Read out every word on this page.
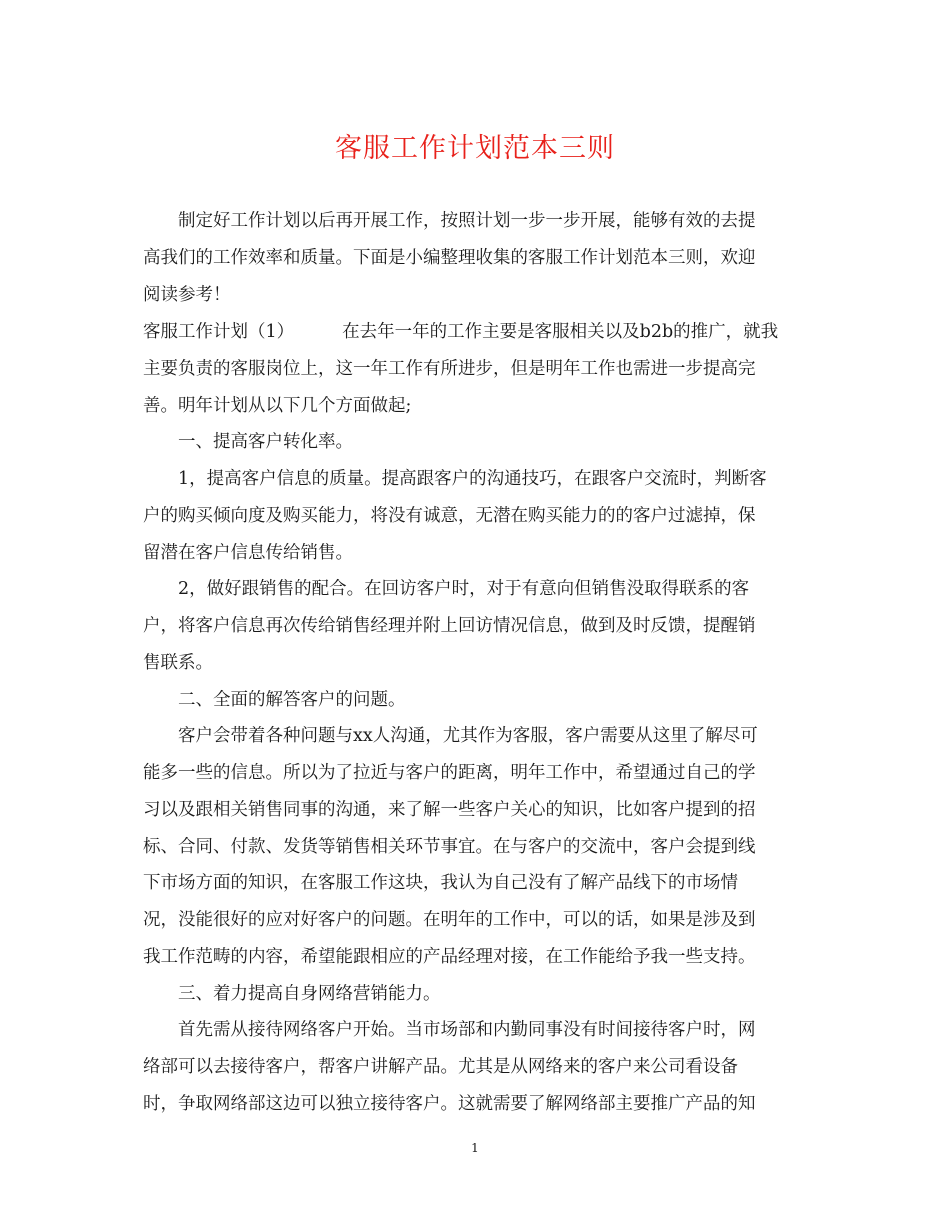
客服工作计划范本三则
制定好工作计划以后再开展工作，按照计划一步一步开展，能够有效的去提
高我们的工作效率和质量。下面是小编整理收集的客服工作计划范本三则，欢迎
阅读参考！
客服工作计划（1）	在去年一年的工作主要是客服相关以及b2b的推广，就我
主要负责的客服岗位上，这一年工作有所进步，但是明年工作也需进一步提高完
善。明年计划从以下几个方面做起;
一、提高客户转化率。
1，提高客户信息的质量。提高跟客户的沟通技巧，在跟客户交流时，判断客
户的购买倾向度及购买能力，将没有诚意，无潜在购买能力的的客户过滤掉，保
留潜在客户信息传给销售。
2，做好跟销售的配合。在回访客户时，对于有意向但销售没取得联系的客
户，将客户信息再次传给销售经理并附上回访情况信息，做到及时反馈，提醒销
售联系。
二、全面的解答客户的问题。
客户会带着各种问题与xx人沟通，尤其作为客服，客户需要从这里了解尽可
能多一些的信息。所以为了拉近与客户的距离，明年工作中，希望通过自己的学
习以及跟相关销售同事的沟通，来了解一些客户关心的知识，比如客户提到的招
标、合同、付款、发货等销售相关环节事宜。在与客户的交流中，客户会提到线
下市场方面的知识，在客服工作这块，我认为自己没有了解产品线下的市场情
况，没能很好的应对好客户的问题。在明年的工作中，可以的话，如果是涉及到
我工作范畴的内容，希望能跟相应的产品经理对接，在工作能给予我一些支持。
三、着力提高自身网络营销能力。
首先需从接待网络客户开始。当市场部和内勤同事没有时间接待客户时，网
络部可以去接待客户，帮客户讲解产品。尤其是从网络来的客户来公司看设备
时，争取网络部这边可以独立接待客户。这就需要了解网络部主要推广产品的知
1
